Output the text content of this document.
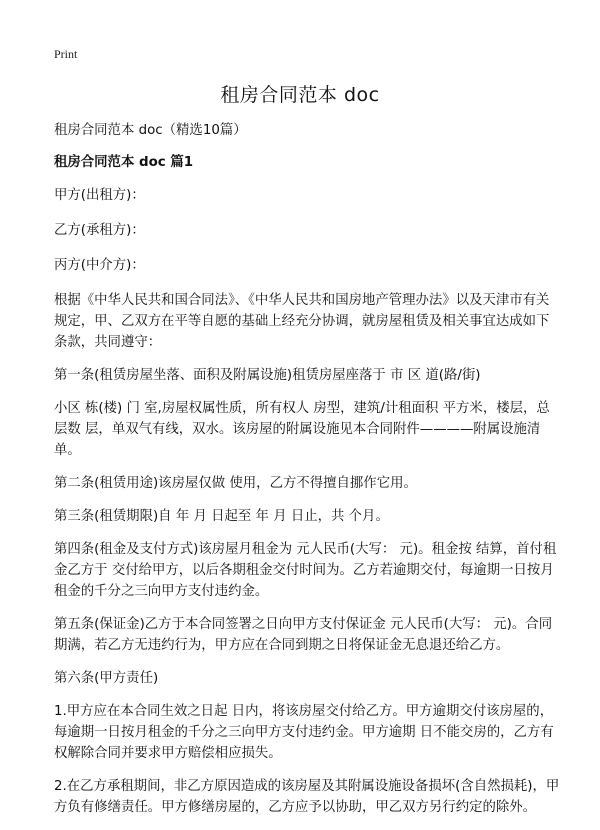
Print
租房合同范本 doc

租房合同范本 doc（精选10篇）

租房合同范本 doc 篇1

甲方(出租方)：

乙方(承租方)：

丙方(中介方)：

根据《中华人民共和国合同法》、《中华人民共和国房地产管理办法》以及天津市有关规定，甲、乙双方在平等自愿的基础上经充分协调，就房屋租赁及相关事宜达成如下条款，共同遵守：

第一条(租赁房屋坐落、面积及附属设施)租赁房屋座落于 市 区 道(路/街)

小区 栋(楼) 门 室,房屋权属性质，所有权人 房型，建筑/计租面积 平方米，楼层，总层数 层，单双气有线，双水。该房屋的附属设施见本合同附件————附属设施清单。

第二条(租赁用途)该房屋仅做 使用，乙方不得擅自挪作它用。

第三条(租赁期限)自 年 月 日起至 年 月 日止，共 个月。

第四条(租金及支付方式)该房屋月租金为 元人民币(大写： 元)。租金按 结算，首付租金乙方于 交付给甲方，以后各期租金交付时间为。乙方若逾期交付，每逾期一日按月租金的千分之三向甲方支付违约金。

第五条(保证金)乙方于本合同签署之日向甲方支付保证金 元人民币(大写： 元)。合同期满，若乙方无违约行为，甲方应在合同到期之日将保证金无息退还给乙方。

第六条(甲方责任)

1.甲方应在本合同生效之日起 日内，将该房屋交付给乙方。甲方逾期交付该房屋的，每逾期一日按月租金的千分之三向甲方支付违约金。甲方逾期 日不能交房的，乙方有权解除合同并要求甲方赔偿相应损失。

2.在乙方承租期间，非乙方原因造成的该房屋及其附属设施设备损坏(含自然损耗)，甲方负有修缮责任。甲方修缮房屋的，乙方应予以协助，甲乙双方另行约定的除外。
